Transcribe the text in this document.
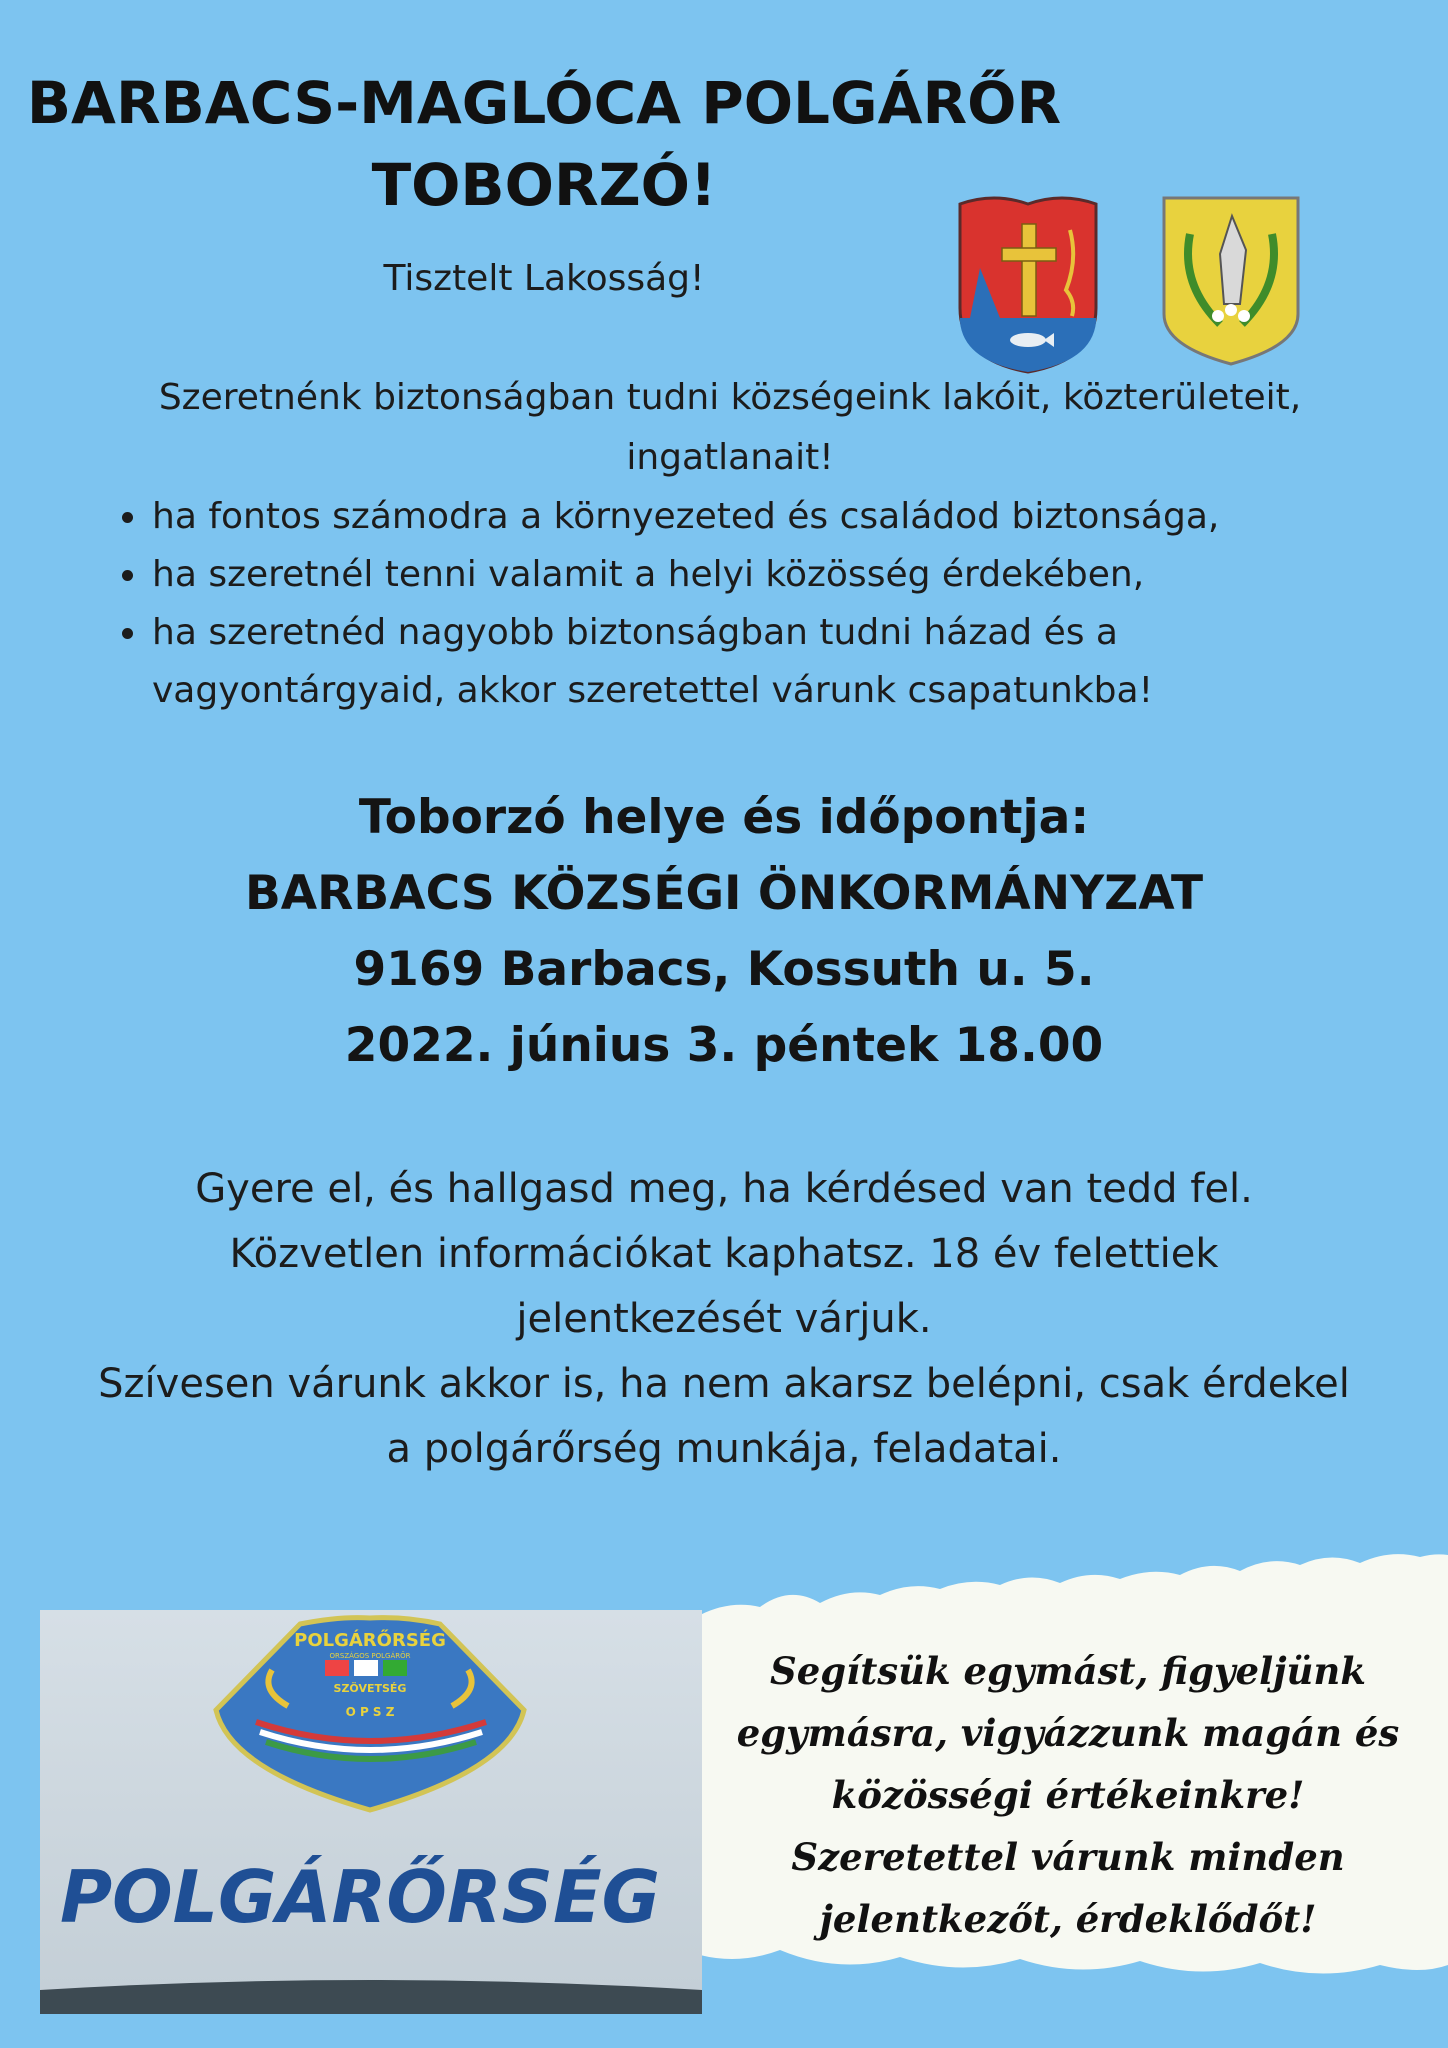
BARBACS-MAGLÓCA POLGÁRŐR
TOBORZÓ!
Tisztelt Lakosság!
Szeretnénk biztonságban tudni községeink lakóit, közterületeit, ingatlanait!
• ha fontos számodra a környezeted és családod biztonsága,
• ha szeretnél tenni valamit a helyi közösség érdekében,
• ha szeretnéd nagyobb biztonságban tudni házad és a vagyontárgyaid, akkor szeretettel várunk csapatunkba!
Toborzó helye és időpontja:
BARBACS KÖZSÉGI ÖNKORMÁNYZAT
9169 Barbacs, Kossuth u. 5.
2022. június 3. péntek 18.00
Gyere el, és hallgasd meg, ha kérdésed van tedd fel.
Közvetlen információkat kaphatsz. 18 év felettiek
jelentkezését várjuk.
Szívesen várunk akkor is, ha nem akarsz belépni, csak érdekel
a polgárőrség munkája, feladatai.
POLGÁRŐRSÉG
ORSZÁGOS POLGÁRŐR
SZÖVETSÉG
O P S Z
POLGÁRŐRSÉG
Segítsük egymást, figyeljünk
egymásra, vigyázzunk magán és
közösségi értékeinkre!
Szeretettel várunk minden
jelentkezőt, érdeklődőt!
